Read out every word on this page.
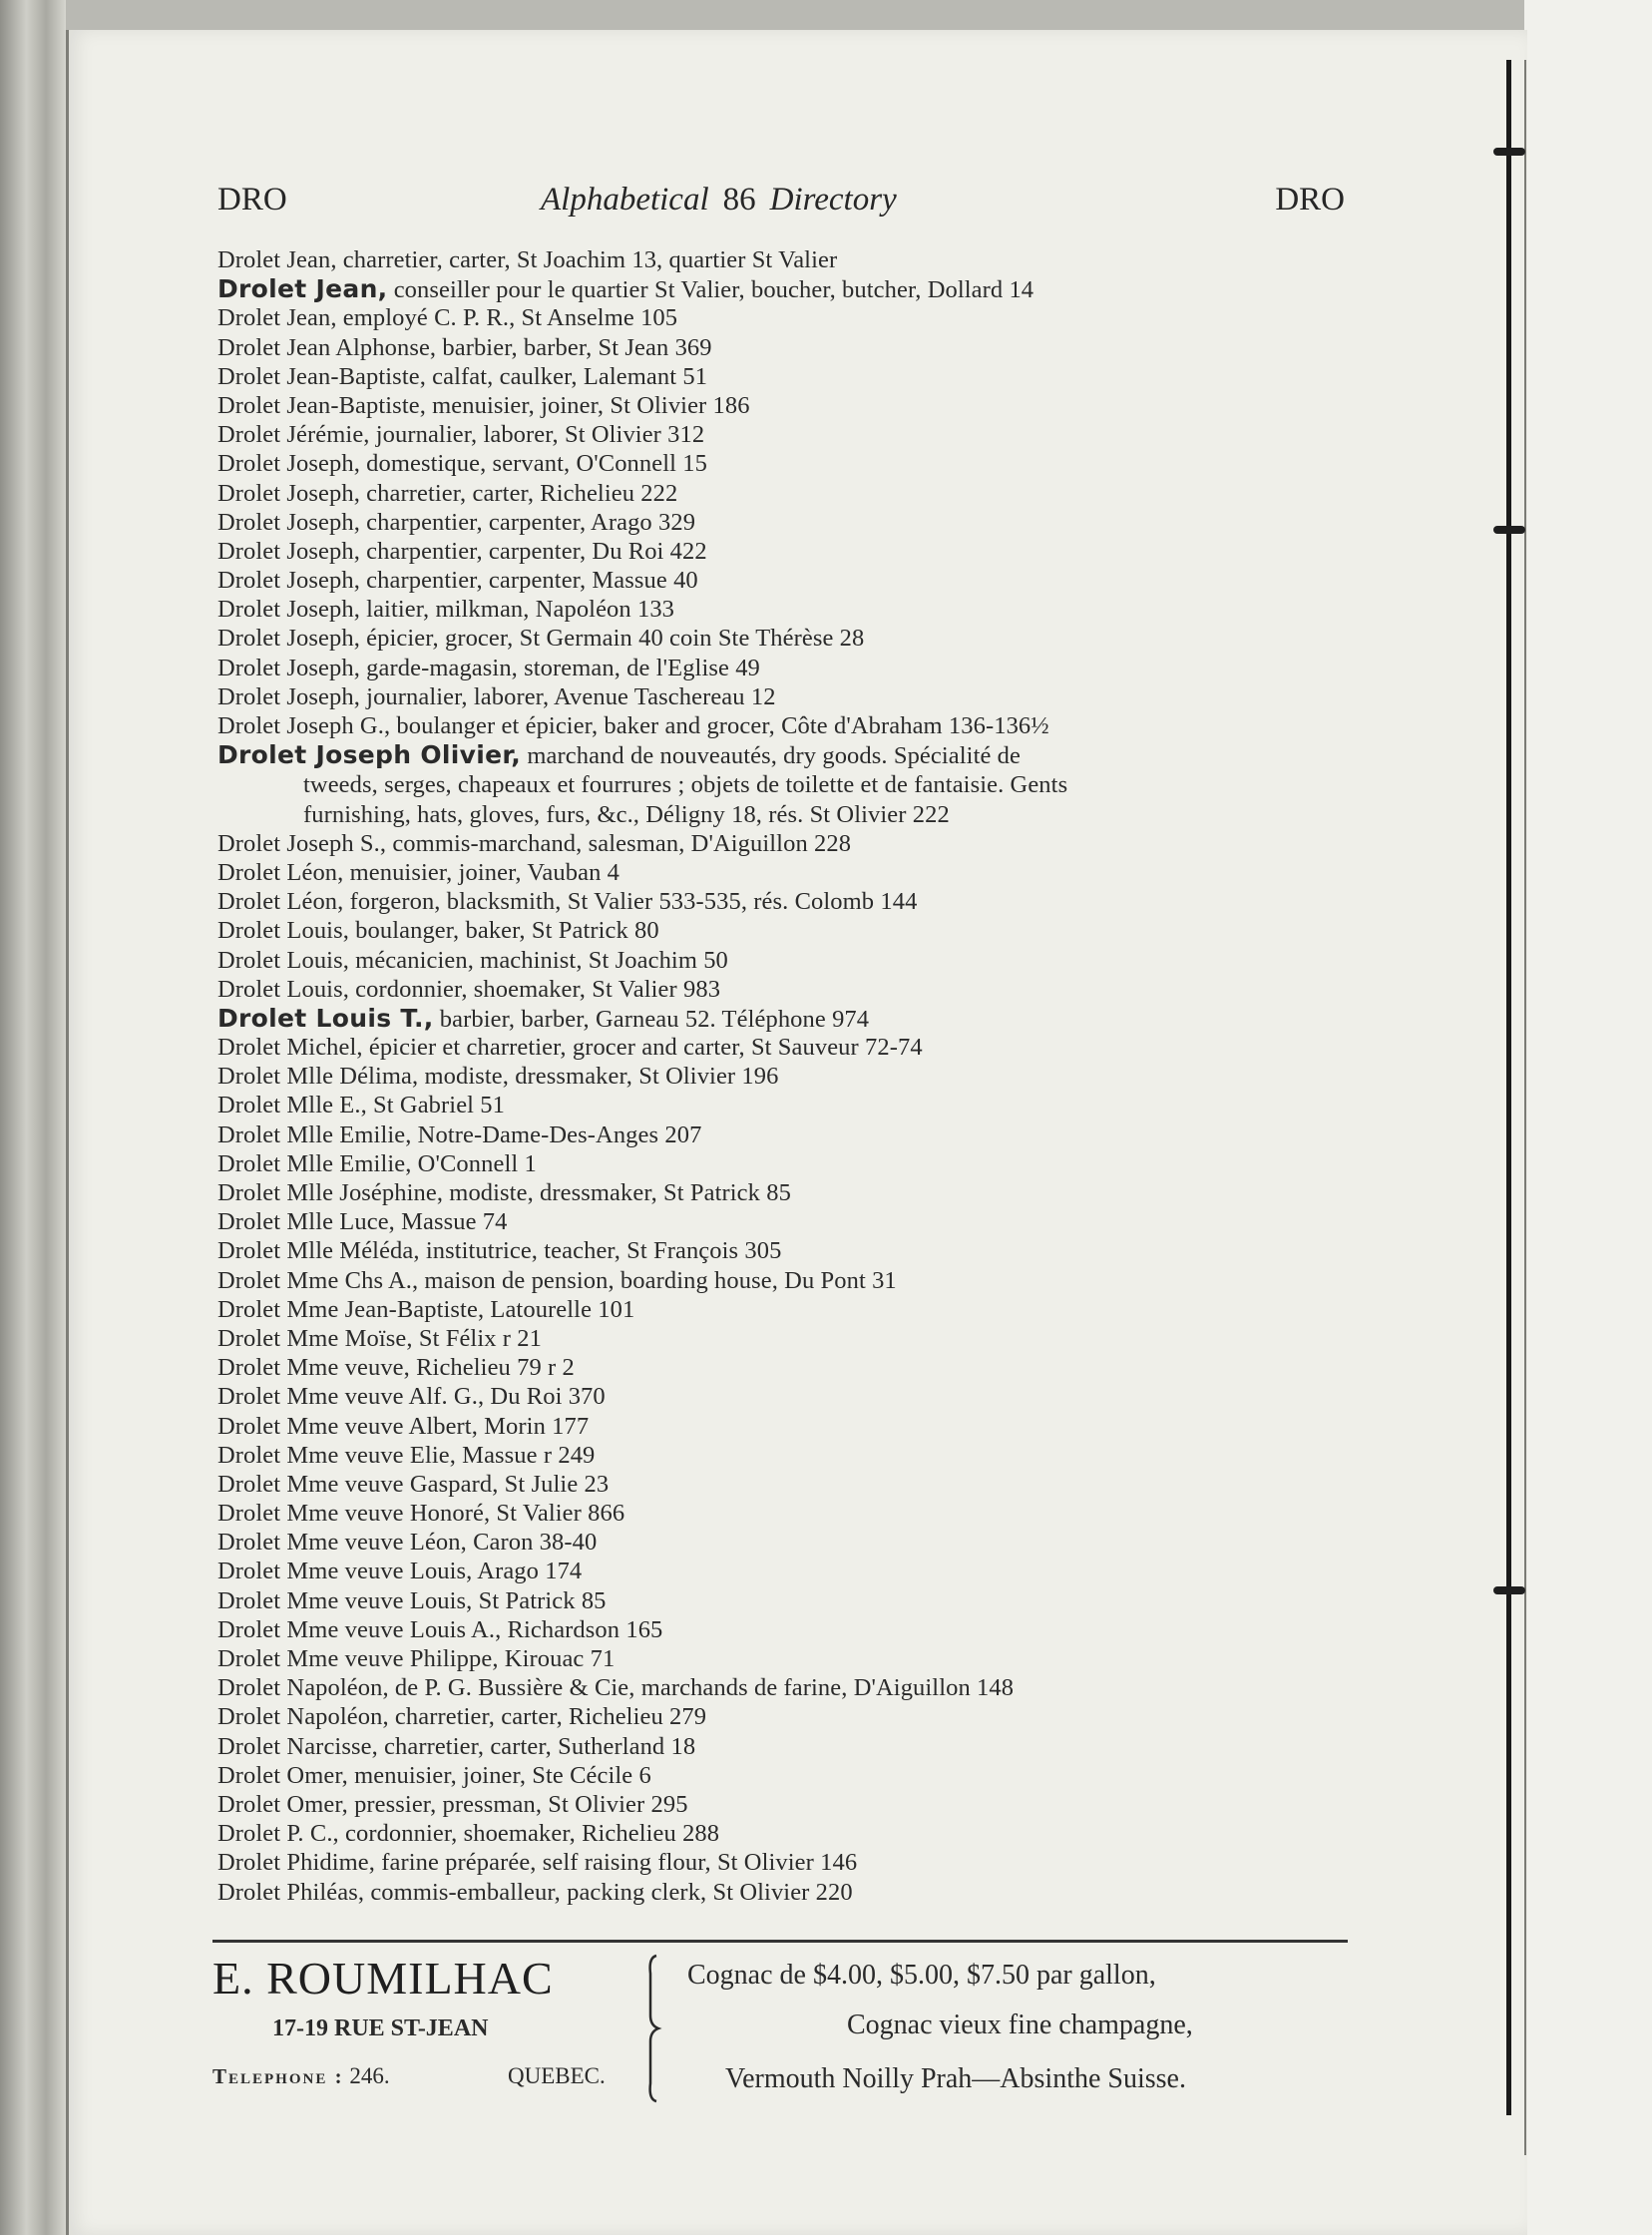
DRO	Alphabetical 86 Directory	DRO
Drolet Jean, charretier, carter, St Joachim 13, quartier St Valier
Drolet Jean, conseiller pour le quartier St Valier, boucher, butcher, Dollard 14
Drolet Jean, employé C. P. R., St Anselme 105
Drolet Jean Alphonse, barbier, barber, St Jean 369
Drolet Jean-Baptiste, calfat, caulker, Lalemant 51
Drolet Jean-Baptiste, menuisier, joiner, St Olivier 186
Drolet Jérémie, journalier, laborer, St Olivier 312
Drolet Joseph, domestique, servant, O'Connell 15
Drolet Joseph, charretier, carter, Richelieu 222
Drolet Joseph, charpentier, carpenter, Arago 329
Drolet Joseph, charpentier, carpenter, Du Roi 422
Drolet Joseph, charpentier, carpenter, Massue 40
Drolet Joseph, laitier, milkman, Napoléon 133
Drolet Joseph, épicier, grocer, St Germain 40 coin Ste Thérèse 28
Drolet Joseph, garde-magasin, storeman, de l'Eglise 49
Drolet Joseph, journalier, laborer, Avenue Taschereau 12
Drolet Joseph G., boulanger et épicier, baker and grocer, Côte d'Abraham 136-136½
Drolet Joseph Olivier, marchand de nouveautés, dry goods. Spécialité de
tweeds, serges, chapeaux et fourrures ; objets de toilette et de fantaisie. Gents
furnishing, hats, gloves, furs, &c., Déligny 18, rés. St Olivier 222
Drolet Joseph S., commis-marchand, salesman, D'Aiguillon 228
Drolet Léon, menuisier, joiner, Vauban 4
Drolet Léon, forgeron, blacksmith, St Valier 533-535, rés. Colomb 144
Drolet Louis, boulanger, baker, St Patrick 80
Drolet Louis, mécanicien, machinist, St Joachim 50
Drolet Louis, cordonnier, shoemaker, St Valier 983
Drolet Louis T., barbier, barber, Garneau 52. Téléphone 974
Drolet Michel, épicier et charretier, grocer and carter, St Sauveur 72-74
Drolet Mlle Délima, modiste, dressmaker, St Olivier 196
Drolet Mlle E., St Gabriel 51
Drolet Mlle Emilie, Notre-Dame-Des-Anges 207
Drolet Mlle Emilie, O'Connell 1
Drolet Mlle Joséphine, modiste, dressmaker, St Patrick 85
Drolet Mlle Luce, Massue 74
Drolet Mlle Méléda, institutrice, teacher, St François 305
Drolet Mme Chs A., maison de pension, boarding house, Du Pont 31
Drolet Mme Jean-Baptiste, Latourelle 101
Drolet Mme Moïse, St Félix r 21
Drolet Mme veuve, Richelieu 79 r 2
Drolet Mme veuve Alf. G., Du Roi 370
Drolet Mme veuve Albert, Morin 177
Drolet Mme veuve Elie, Massue r 249
Drolet Mme veuve Gaspard, St Julie 23
Drolet Mme veuve Honoré, St Valier 866
Drolet Mme veuve Léon, Caron 38-40
Drolet Mme veuve Louis, Arago 174
Drolet Mme veuve Louis, St Patrick 85
Drolet Mme veuve Louis A., Richardson 165
Drolet Mme veuve Philippe, Kirouac 71
Drolet Napoléon, de P. G. Bussière & Cie, marchands de farine, D'Aiguillon 148
Drolet Napoléon, charretier, carter, Richelieu 279
Drolet Narcisse, charretier, carter, Sutherland 18
Drolet Omer, menuisier, joiner, Ste Cécile 6
Drolet Omer, pressier, pressman, St Olivier 295
Drolet P. C., cordonnier, shoemaker, Richelieu 288
Drolet Phidime, farine préparée, self raising flour, St Olivier 146
Drolet Philéas, commis-emballeur, packing clerk, St Olivier 220
E. ROUMILHAC
17-19 RUE ST-JEAN
Telephone : 246.	QUEBEC.
Cognac de $4.00, $5.00, $7.50 par gallon,
Cognac vieux fine champagne,
Vermouth Noilly Prah—Absinthe Suisse.
